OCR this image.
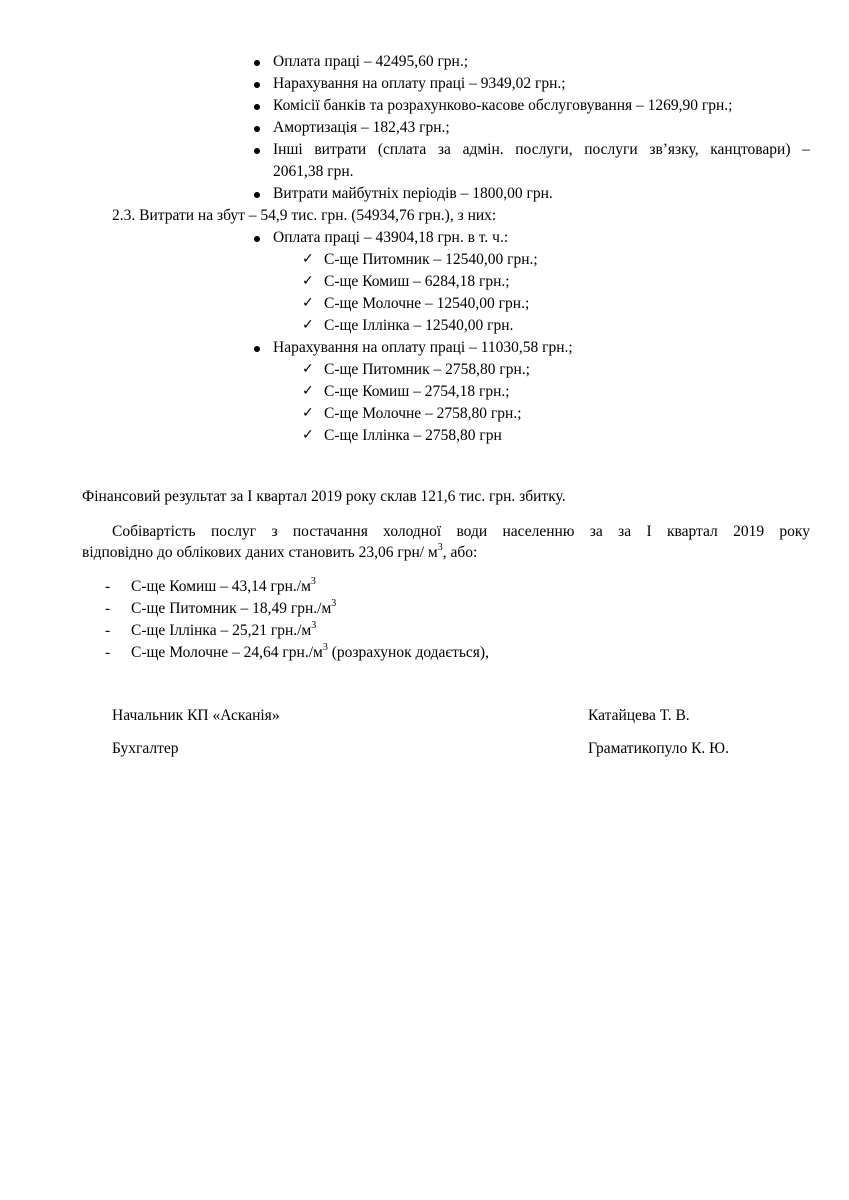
Оплата праці – 42495,60 грн.;
Нарахування на оплату праці – 9349,02 грн.;
Комісії банків та розрахунково-касове обслуговування – 1269,90 грн.;
Амортизація – 182,43 грн.;
Інші витрати (сплата за адмін. послуги, послуги зв’язку, канцтовари) –
2061,38 грн.
Витрати майбутніх періодів – 1800,00 грн.
2.3. Витрати на збут – 54,9 тис. грн. (54934,76 грн.), з них:
Оплата праці – 43904,18 грн. в т. ч.:
✓ С-ще Питомник – 12540,00 грн.;
✓ С-ще Комиш – 6284,18 грн.;
✓ С-ще Молочне – 12540,00 грн.;
✓ С-ще Іллінка – 12540,00 грн.
Нарахування на оплату праці – 11030,58 грн.;
✓ С-ще Питомник – 2758,80 грн.;
✓ С-ще Комиш – 2754,18 грн.;
✓ С-ще Молочне – 2758,80 грн.;
✓ С-ще Іллінка – 2758,80 грн
Фінансовий результат за І квартал 2019 року склав 121,6 тис. грн. збитку.
Собівартість послуг з постачання холодної води населенню за за І квартал 2019 року
відповідно до облікових даних становить 23,06 грн/ $м^3$, або:
- С-ще Комиш – 43,14 $грн./м^3$
- С-ще Питомник – 18,49 $грн./м^3$
- С-ще Іллінка – 25,21 $грн./м^3$
- С-ще Молочне – 24,64 $грн./м^3$ (розрахунок додається),
Начальник КП «Асканія»	Катайцева Т. В.
Бухгалтер	Граматикопуло К. Ю.
